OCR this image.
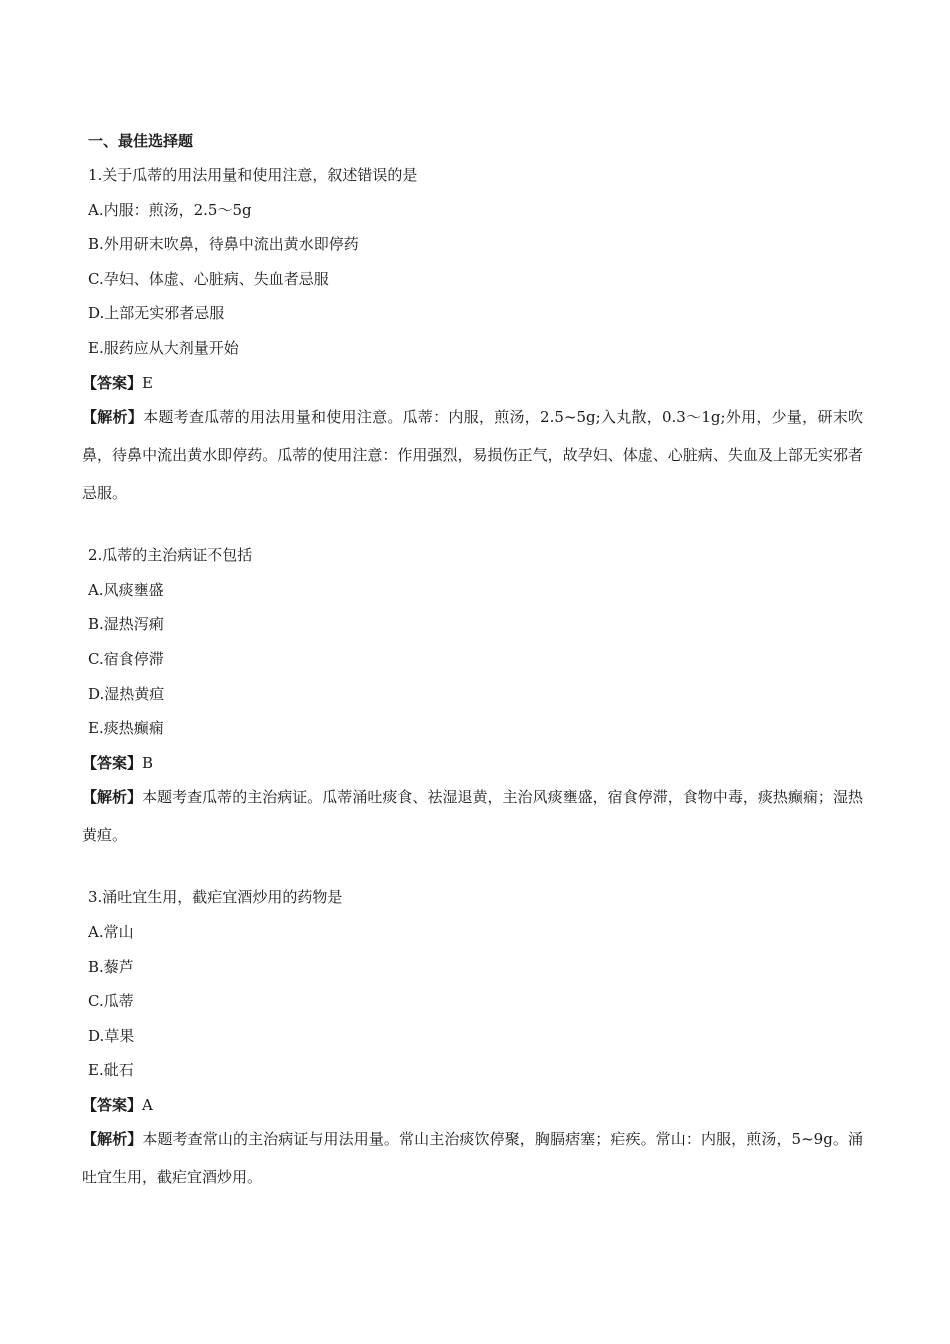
一、最佳选择题
1.关于瓜蒂的用法用量和使用注意，叙述错误的是
A.内服：煎汤，2.5～5g
B.外用研末吹鼻，待鼻中流出黄水即停药
C.孕妇、体虚、心脏病、失血者忌服
D.上部无实邪者忌服
E.服药应从大剂量开始
【答案】E
【解析】本题考查瓜蒂的用法用量和使用注意。瓜蒂：内服，煎汤，2.5~5g;入丸散，0.3～1g;外用，少量，研末吹鼻，待鼻中流出黄水即停药。瓜蒂的使用注意：作用强烈，易损伤正气，故孕妇、体虚、心脏病、失血及上部无实邪者忌服。
2.瓜蒂的主治病证不包括
A.风痰壅盛
B.湿热泻痢
C.宿食停滞
D.湿热黄疸
E.痰热癫痫
【答案】B
【解析】本题考查瓜蒂的主治病证。瓜蒂涌吐痰食、祛湿退黄，主治风痰壅盛，宿食停滞，食物中毒，痰热癫痫；湿热黄疸。
3.涌吐宜生用，截疟宜酒炒用的药物是
A.常山
B.藜芦
C.瓜蒂
D.草果
E.砒石
【答案】A
【解析】本题考查常山的主治病证与用法用量。常山主治痰饮停聚，胸膈痞塞；疟疾。常山：内服，煎汤，5~9g。涌吐宜生用，截疟宜酒炒用。
